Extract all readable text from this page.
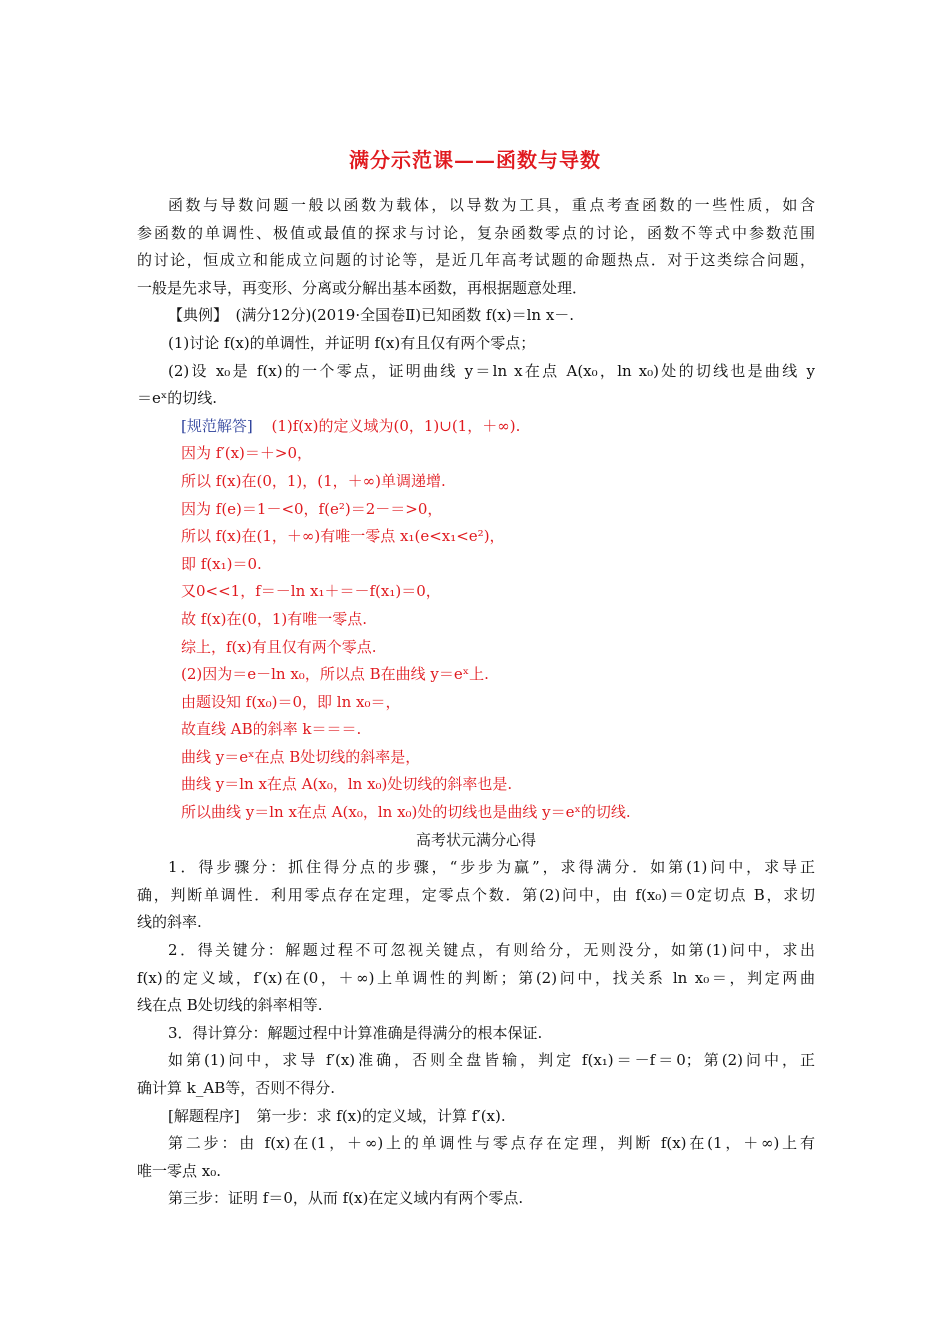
满分示范课——函数与导数
函数与导数问题一般以函数为载体，以导数为工具，重点考查函数的一些性质，如含
参函数的单调性、极值或最值的探求与讨论，复杂函数零点的讨论，函数不等式中参数范围
的讨论，恒成立和能成立问题的讨论等，是近几年高考试题的命题热点．对于这类综合问题，
一般是先求导，再变形、分离或分解出基本函数，再根据题意处理．
【典例】　(满分12分)(2019·全国卷Ⅱ)已知函数 f(x)＝ln x－.
(1)讨论 f(x)的单调性，并证明 f(x)有且仅有两个零点；
(2)设 x₀是 f(x)的一个零点，证明曲线 y＝ln x在点 A(x₀，ln x₀)处的切线也是曲线 y
＝eˣ的切线.
[规范解答] (1)f(x)的定义域为(0，1)∪(1，＋∞).
因为 f′(x)＝＋>0，
所以 f(x)在(0，1)，(1，＋∞)单调递增.
因为 f(e)＝1－<0，f(e²)＝2－＝>0，
所以 f(x)在(1，＋∞)有唯一零点 x₁(e<x₁<e²)，
即 f(x₁)＝0.
又0<<1，f＝－ln x₁＋＝－f(x₁)＝0，
故 f(x)在(0，1)有唯一零点.
综上，f(x)有且仅有两个零点.
(2)因为＝e－ln x₀，所以点 B在曲线 y＝eˣ上.
由题设知 f(x₀)＝0，即 ln x₀＝，
故直线 AB的斜率 k＝＝＝.
曲线 y＝eˣ在点 B处切线的斜率是，
曲线 y＝ln x在点 A(x₀，ln x₀)处切线的斜率也是.
所以曲线 y＝ln x在点 A(x₀，ln x₀)处的切线也是曲线 y＝eˣ的切线.
高考状元满分心得
1．得步骤分：抓住得分点的步骤，“步步为赢”，求得满分．如第(1)问中，求导正
确，判断单调性．利用零点存在定理，定零点个数．第(2)问中，由 f(x₀)＝0定切点 B，求切
线的斜率.
2．得关键分：解题过程不可忽视关键点，有则给分，无则没分，如第(1)问中，求出
f(x)的定义域，f′(x)在(0，＋∞)上单调性的判断；第(2)问中，找关系 ln x₀＝，判定两曲
线在点 B处切线的斜率相等.
3．得计算分：解题过程中计算准确是得满分的根本保证.
如第(1)问中，求导 f′(x)准确，否则全盘皆输，判定 f(x₁)＝－f＝0；第(2)问中，正
确计算 k_AB等，否则不得分.
[解题程序] 第一步：求 f(x)的定义域，计算 f′(x).
第二步：由 f(x)在(1，＋∞)上的单调性与零点存在定理，判断 f(x)在(1，＋∞)上有
唯一零点 x₀.
第三步：证明 f＝0，从而 f(x)在定义域内有两个零点.
